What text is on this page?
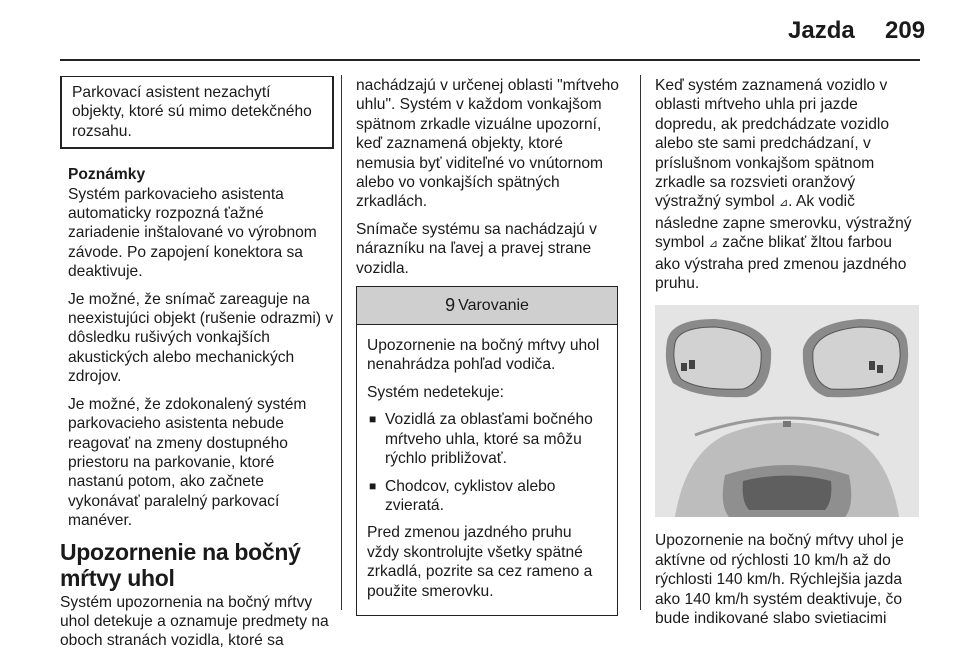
Jazda 209

Parkovací asistent nezachytí objekty, ktoré sú mimo detekčného rozsahu.

Poznámky

Systém parkovacieho asistenta automaticky rozpozná ťažné zariadenie inštalované vo výrobnom závode. Po zapojení konektora sa deaktivuje.

Je možné, že snímač zareaguje na neexistujúci objekt (rušenie odrazmi) v dôsledku rušivých vonkajších akustických alebo mechanických zdrojov.

Je možné, že zdokonalený systém parkovacieho asistenta nebude reagovať na zmeny dostupného priestoru na parkovanie, ktoré nastanú potom, ako začnete vykonávať paralelný parkovací manéver.

Upozornenie na bočný mŕtvy uhol

Systém upozornenia na bočný mŕtvy uhol detekuje a oznamuje predmety na oboch stranách vozidla, ktoré sa

nachádzajú v určenej oblasti "mŕtveho uhlu". Systém v každom vonkajšom spätnom zrkadle vizuálne upozorní, keď zaznamená objekty, ktoré nemusia byť viditeľné vo vnútornom alebo vo vonkajších spätných zrkadlách.

Snímače systému sa nachádzajú v nárazníku na ľavej a pravej strane vozidla.

9 Varovanie

Upozornenie na bočný mŕtvy uhol nenahrádza pohľad vodiča.

Systém nedetekuje:

■ Vozidlá za oblasťami bočného mŕtveho uhla, ktoré sa môžu rýchlo približovať.
■ Chodcov, cyklistov alebo zvieratá.

Pred zmenou jazdného pruhu vždy skontrolujte všetky spätné zrkadlá, pozrite sa cez rameno a použite smerovku.

Keď systém zaznamená vozidlo v oblasti mŕtveho uhla pri jazde dopredu, ak predchádzate vozidlo alebo ste sami predchádzaní, v príslušnom vonkajšom spätnom zrkadle sa rozsvieti oranžový výstražný symbol ⊿. Ak vodič následne zapne smerovku, výstražný symbol ⊿ začne blikať žltou farbou ako výstraha pred zmenou jazdného pruhu.

Upozornenie na bočný mŕtvy uhol je aktívne od rýchlosti 10 km/h až do rýchlosti 140 km/h. Rýchlejšia jazda ako 140 km/h systém deaktivuje, čo bude indikované slabo svietiacimi
